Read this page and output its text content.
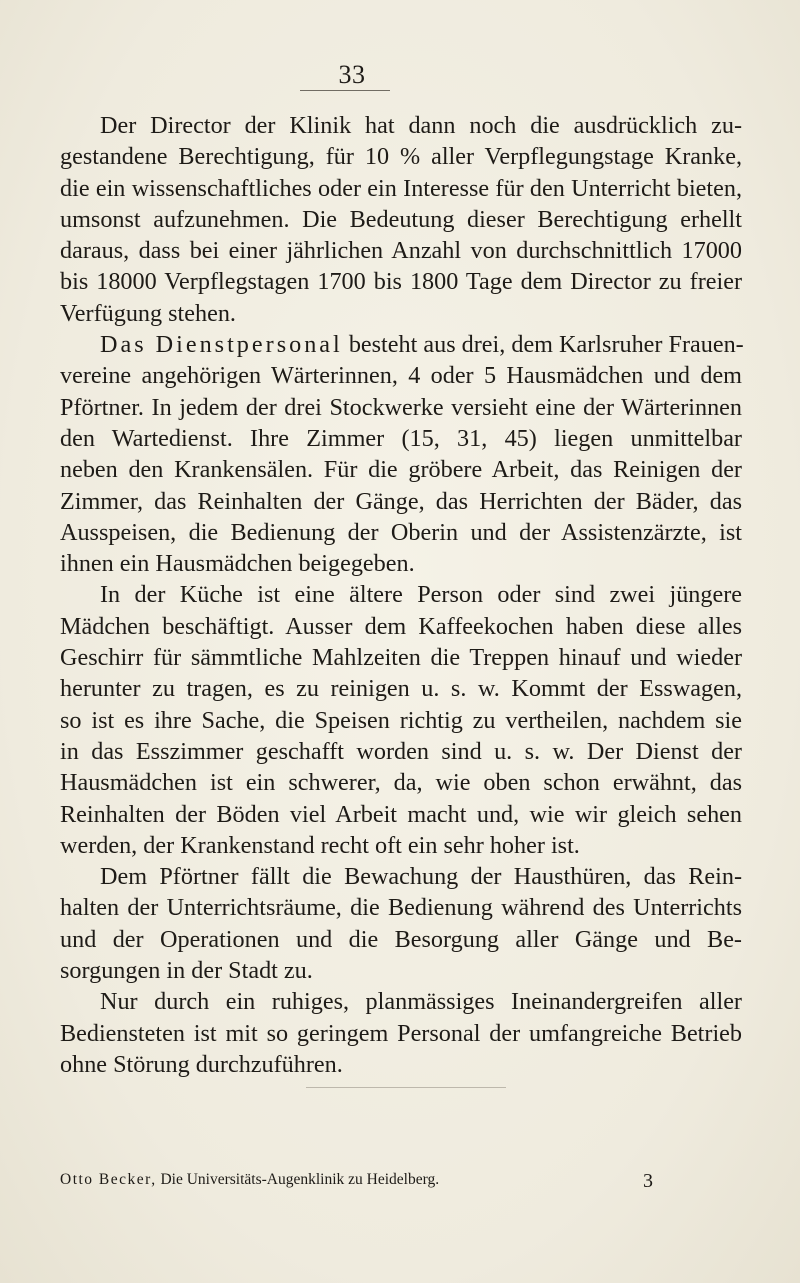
33
Der Director der Klinik hat dann noch die ausdrücklich zu-
gestandene Berechtigung, für 10 % aller Verpflegungstage Kranke,
die ein wissenschaftliches oder ein Interesse für den Unterricht bieten,
umsonst aufzunehmen. Die Bedeutung dieser Berechtigung erhellt
daraus, dass bei einer jährlichen Anzahl von durchschnittlich 17000
bis 18000 Verpflegstagen 1700 bis 1800 Tage dem Director zu freier
Verfügung stehen.
Das Dienstpersonal besteht aus drei, dem Karlsruher Frauen-
vereine angehörigen Wärterinnen, 4 oder 5 Hausmädchen und dem
Pförtner. In jedem der drei Stockwerke versieht eine der Wärterinnen
den Wartedienst. Ihre Zimmer (15, 31, 45) liegen unmittelbar
neben den Krankensälen. Für die gröbere Arbeit, das Reinigen der
Zimmer, das Reinhalten der Gänge, das Herrichten der Bäder, das
Ausspeisen, die Bedienung der Oberin und der Assistenzärzte, ist
ihnen ein Hausmädchen beigegeben.
In der Küche ist eine ältere Person oder sind zwei jüngere
Mädchen beschäftigt. Ausser dem Kaffeekochen haben diese alles
Geschirr für sämmtliche Mahlzeiten die Treppen hinauf und wieder
herunter zu tragen, es zu reinigen u. s. w. Kommt der Esswagen,
so ist es ihre Sache, die Speisen richtig zu vertheilen, nachdem sie
in das Esszimmer geschafft worden sind u. s. w. Der Dienst der
Hausmädchen ist ein schwerer, da, wie oben schon erwähnt, das
Reinhalten der Böden viel Arbeit macht und, wie wir gleich sehen
werden, der Krankenstand recht oft ein sehr hoher ist.
Dem Pförtner fällt die Bewachung der Hausthüren, das Rein-
halten der Unterrichtsräume, die Bedienung während des Unterrichts
und der Operationen und die Besorgung aller Gänge und Be-
sorgungen in der Stadt zu.
Nur durch ein ruhiges, planmässiges Ineinandergreifen aller
Bediensteten ist mit so geringem Personal der umfangreiche Betrieb
ohne Störung durchzuführen.
Otto Becker, Die Universitäts-Augenklinik zu Heidelberg.	3
